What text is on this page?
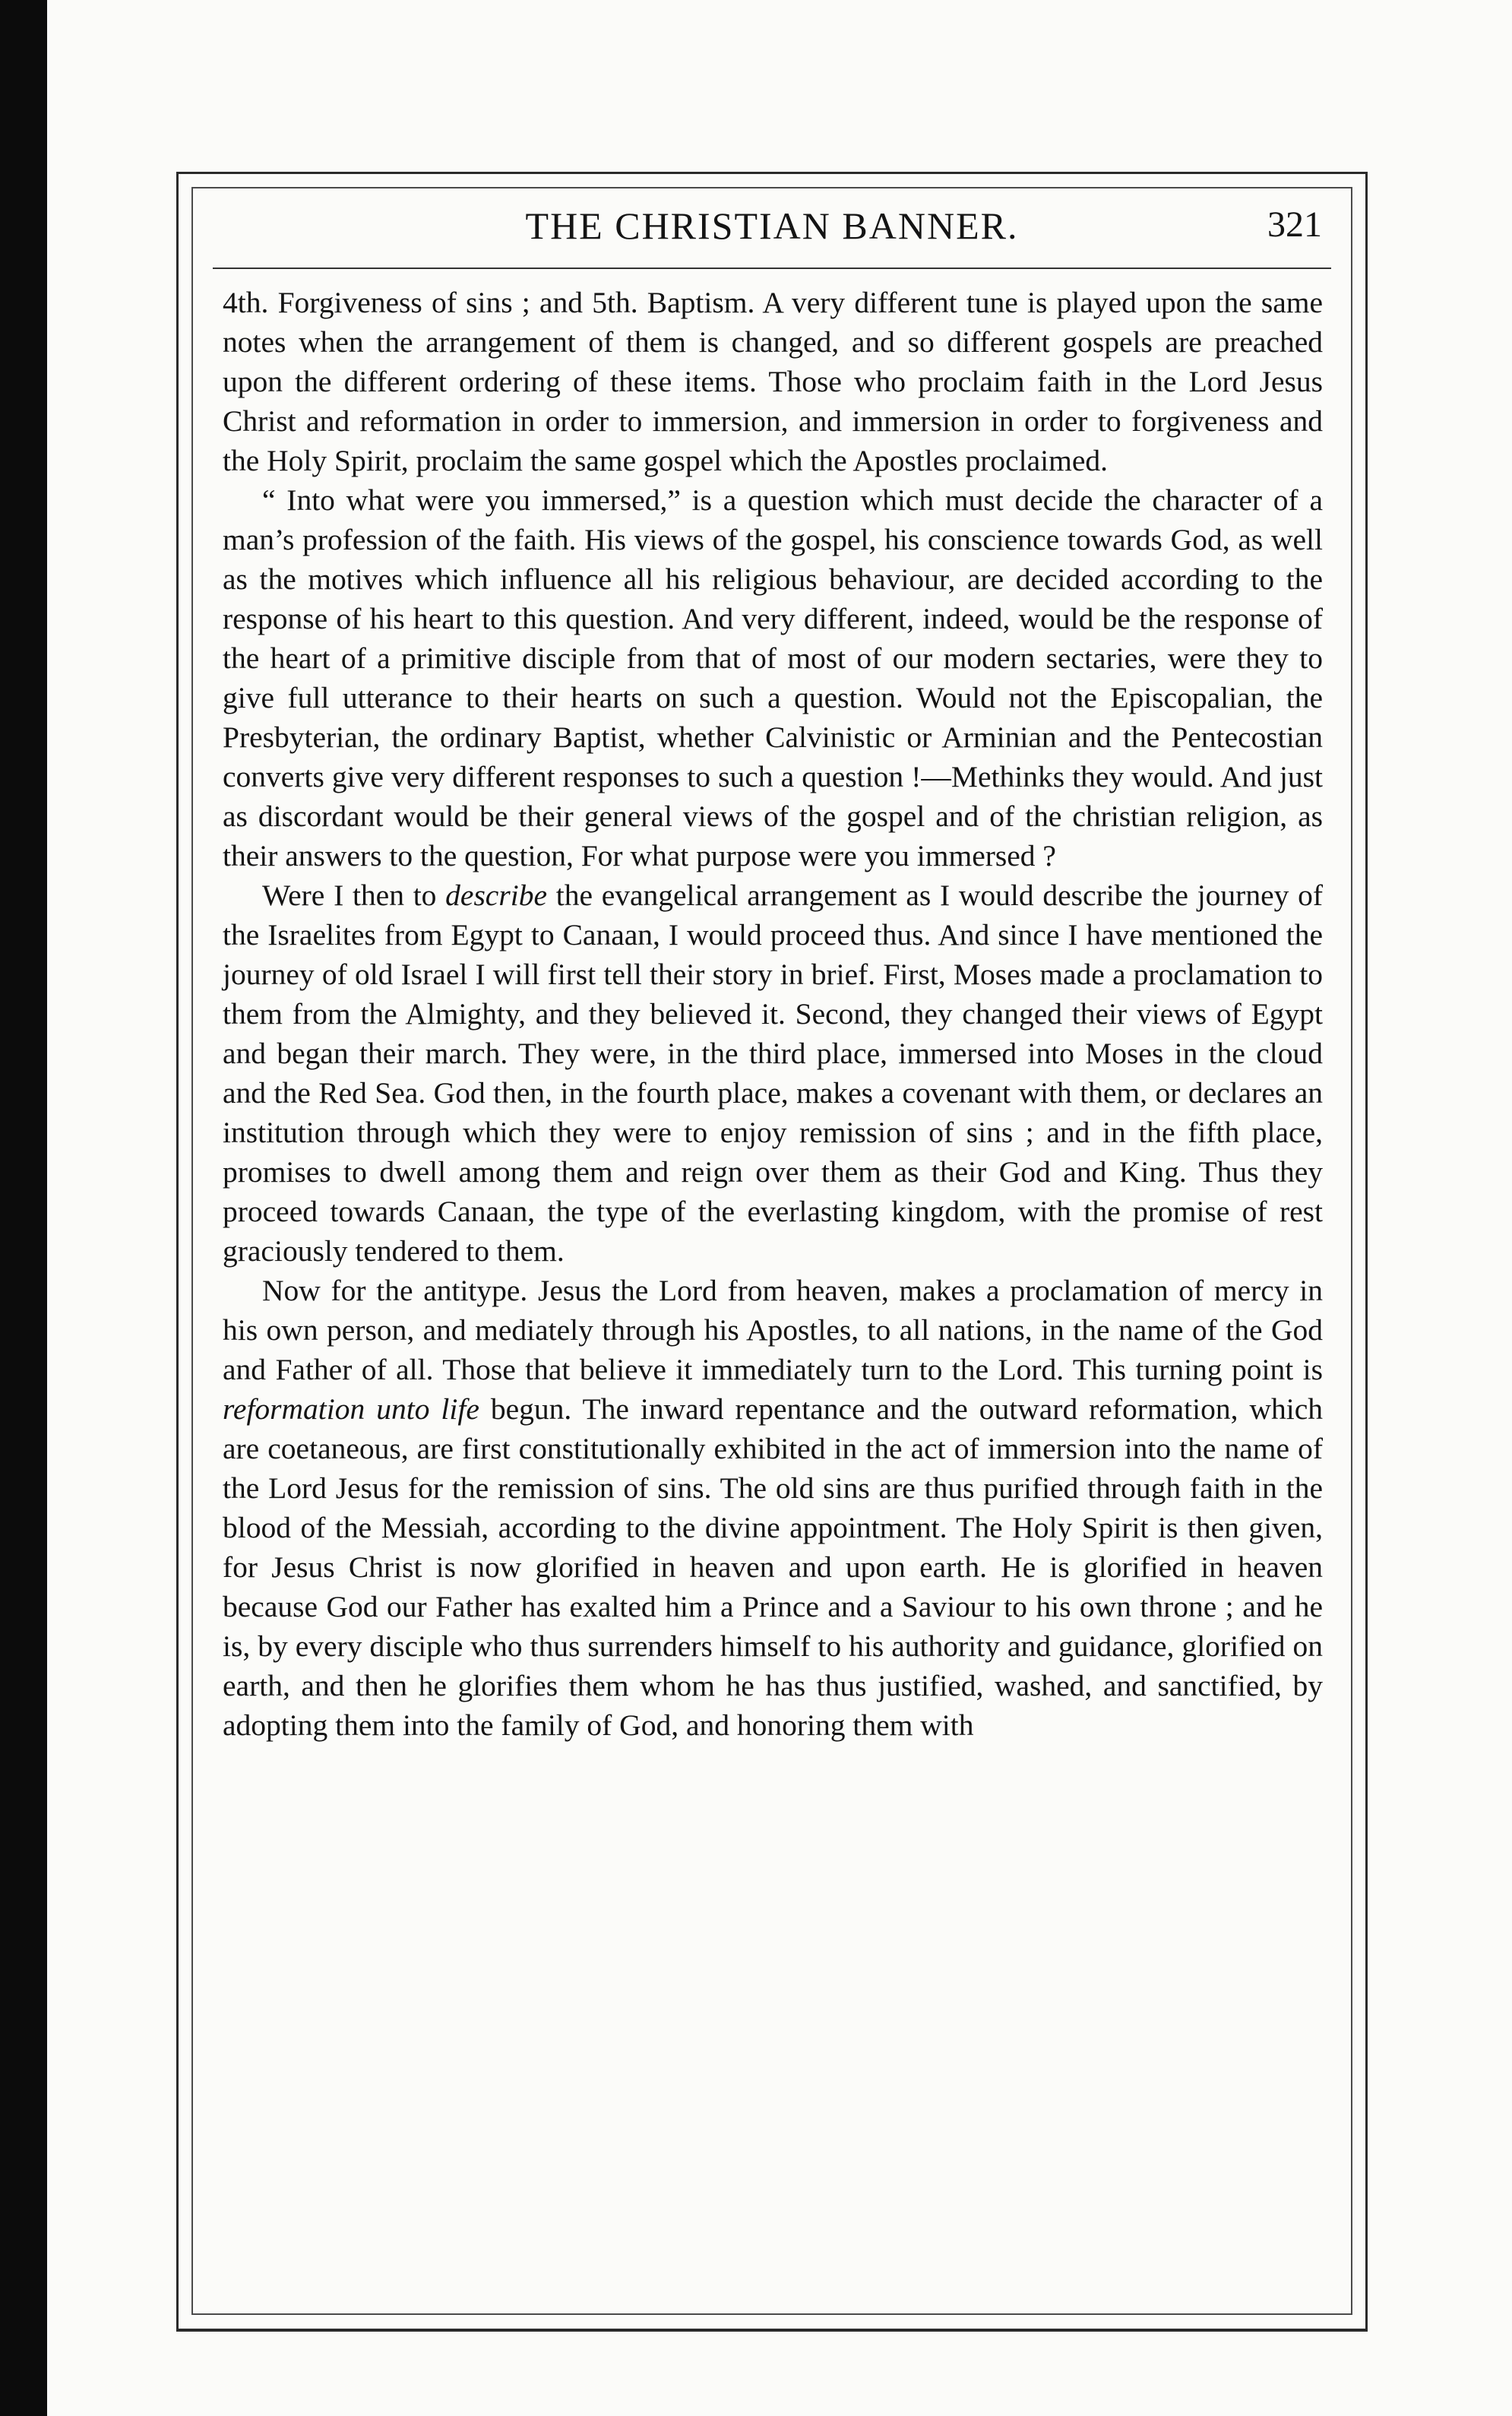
THE CHRISTIAN BANNER.	321

4th. Forgiveness of sins ; and 5th. Baptism. A very different tune is played upon the same notes when the arrangement of them is changed, and so different gospels are preached upon the different ordering of these items. Those who proclaim faith in the Lord Jesus Christ and reformation in order to immersion, and immersion in order to forgiveness and the Holy Spirit, proclaim the same gospel which the Apostles proclaimed.

“ Into what were you immersed,” is a question which must decide the character of a man’s profession of the faith. His views of the gospel, his conscience towards God, as well as the motives which influence all his religious behaviour, are decided according to the response of his heart to this question. And very different, indeed, would be the response of the heart of a primitive disciple from that of most of our modern sectaries, were they to give full utterance to their hearts on such a question. Would not the Episcopalian, the Presbyterian, the ordinary Baptist, whether Calvinistic or Arminian and the Pentecostian converts give very different responses to such a question !—Methinks they would. And just as discordant would be their general views of the gospel and of the christian religion, as their answers to the question, For what purpose were you immersed ?

Were I then to describe the evangelical arrangement as I would describe the journey of the Israelites from Egypt to Canaan, I would proceed thus. And since I have mentioned the journey of old Israel I will first tell their story in brief. First, Moses made a proclamation to them from the Almighty, and they believed it. Second, they changed their views of Egypt and began their march. They were, in the third place, immersed into Moses in the cloud and the Red Sea. God then, in the fourth place, makes a covenant with them, or declares an institution through which they were to enjoy remission of sins ; and in the fifth place, promises to dwell among them and reign over them as their God and King. Thus they proceed towards Canaan, the type of the everlasting kingdom, with the promise of rest graciously tendered to them.

Now for the antitype. Jesus the Lord from heaven, makes a proclamation of mercy in his own person, and mediately through his Apostles, to all nations, in the name of the God and Father of all. Those that believe it immediately turn to the Lord. This turning point is reformation unto life begun. The inward repentance and the outward reformation, which are coetaneous, are first constitutionally exhibited in the act of immersion into the name of the Lord Jesus for the remission of sins. The old sins are thus purified through faith in the blood of the Messiah, according to the divine appointment. The Holy Spirit is then given, for Jesus Christ is now glorified in heaven and upon earth. He is glorified in heaven because God our Father has exalted him a Prince and a Saviour to his own throne ; and he is, by every disciple who thus surrenders himself to his authority and guidance, glorified on earth, and then he glorifies them whom he has thus justified, washed, and sanctified, by adopting them into the family of God, and honoring them with
